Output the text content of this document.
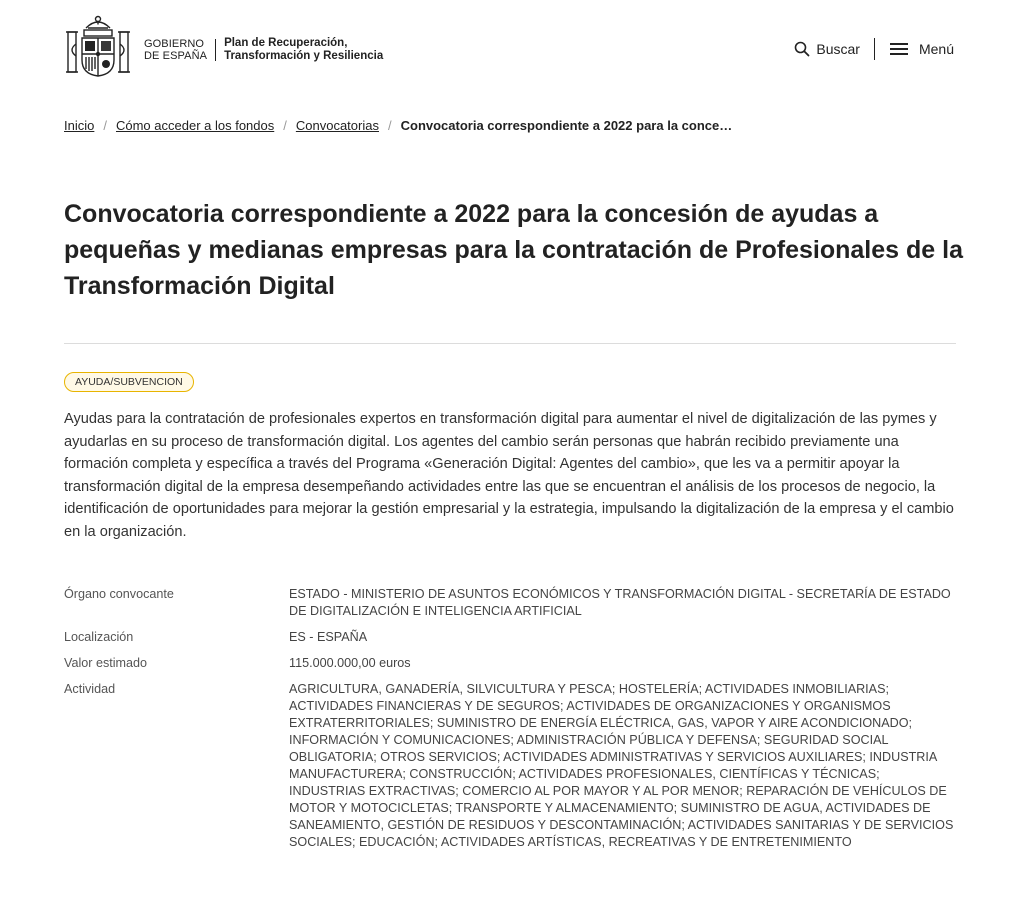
GOBIERNO
DE ESPAÑA
Plan de Recuperación,
Transformación y Resiliencia	Buscar	Menú
Inicio / Cómo acceder a los fondos / Convocatorias / Convocatoria correspondiente a 2022 para la conce…
Convocatoria correspondiente a 2022 para la concesión de ayudas a pequeñas y medianas empresas para la contratación de Profesionales de la Transformación Digital
AYUDA/SUBVENCION

Ayudas para la contratación de profesionales expertos en transformación digital para aumentar el nivel de digitalización de las pymes y ayudarlas en su proceso de transformación digital. Los agentes del cambio serán personas que habrán recibido previamente una formación completa y específica a través del Programa «Generación Digital: Agentes del cambio», que les va a permitir apoyar la transformación digital de la empresa desempeñando actividades entre las que se encuentran el análisis de los procesos de negocio, la identificación de oportunidades para mejorar la gestión empresarial y la estrategia, impulsando la digitalización de la empresa y el cambio en la organización.

Órgano convocante	ESTADO - MINISTERIO DE ASUNTOS ECONÓMICOS Y TRANSFORMACIÓN DIGITAL - SECRETARÍA DE ESTADO DE DIGITALIZACIÓN E INTELIGENCIA ARTIFICIAL
Localización	ES - ESPAÑA
Valor estimado	115.000.000,00 euros
Actividad	AGRICULTURA, GANADERÍA, SILVICULTURA Y PESCA; HOSTELERÍA; ACTIVIDADES INMOBILIARIAS; ACTIVIDADES FINANCIERAS Y DE SEGUROS; ACTIVIDADES DE ORGANIZACIONES Y ORGANISMOS EXTRATERRITORIALES; SUMINISTRO DE ENERGÍA ELÉCTRICA, GAS, VAPOR Y AIRE ACONDICIONADO; INFORMACIÓN Y COMUNICACIONES; ADMINISTRACIÓN PÚBLICA Y DEFENSA; SEGURIDAD SOCIAL OBLIGATORIA; OTROS SERVICIOS; ACTIVIDADES ADMINISTRATIVAS Y SERVICIOS AUXILIARES; INDUSTRIA MANUFACTURERA; CONSTRUCCIÓN; ACTIVIDADES PROFESIONALES, CIENTÍFICAS Y TÉCNICAS; INDUSTRIAS EXTRACTIVAS; COMERCIO AL POR MAYOR Y AL POR MENOR; REPARACIÓN DE VEHÍCULOS DE MOTOR Y MOTOCICLETAS; TRANSPORTE Y ALMACENAMIENTO; SUMINISTRO DE AGUA, ACTIVIDADES DE SANEAMIENTO, GESTIÓN DE RESIDUOS Y DESCONTAMINACIÓN; ACTIVIDADES SANITARIAS Y DE SERVICIOS SOCIALES; EDUCACIÓN; ACTIVIDADES ARTÍSTICAS, RECREATIVAS Y DE ENTRETENIMIENTO
